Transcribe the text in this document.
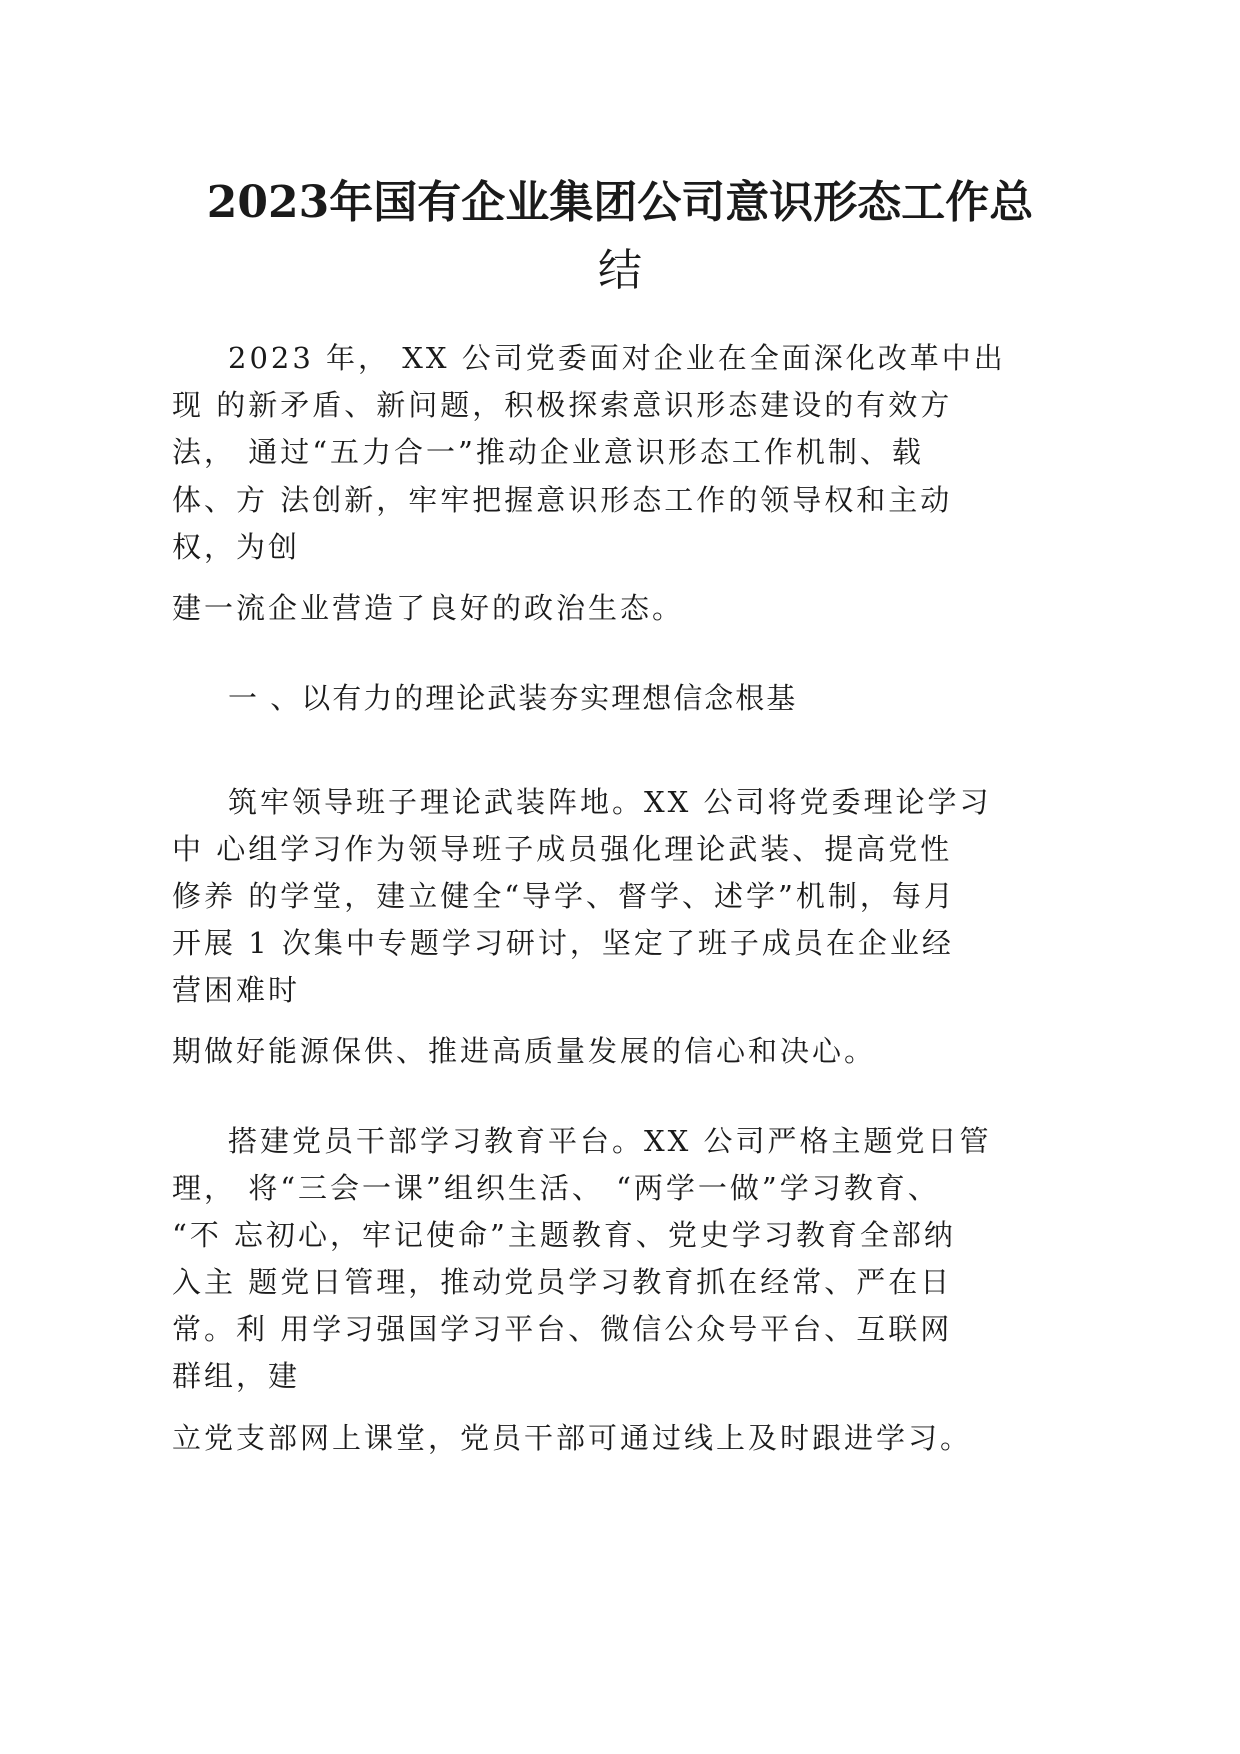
2023年国有企业集团公司意识形态工作总
结

2023 年， XX 公司党委面对企业在全面深化改革中出

现 的新矛盾、新问题，积极探索意识形态建设的有效方

法， 通过“五力合一”推动企业意识形态工作机制、载

体、方 法创新，牢牢把握意识形态工作的领导权和主动

权，为创

建一流企业营造了良好的政治生态。

一 、以有力的理论武装夯实理想信念根基

筑牢领导班子理论武装阵地。XX 公司将党委理论学习

中 心组学习作为领导班子成员强化理论武装、提高党性

修养 的学堂，建立健全“导学、督学、述学”机制，每月

开展 1 次集中专题学习研讨，坚定了班子成员在企业经

营困难时

期做好能源保供、推进高质量发展的信心和决心。

搭建党员干部学习教育平台。XX 公司严格主题党日管

理， 将“三会一课”组织生活、 “两学一做”学习教育、

“不 忘初心，牢记使命”主题教育、党史学习教育全部纳

入主 题党日管理，推动党员学习教育抓在经常、严在日

常。利 用学习强国学习平台、微信公众号平台、互联网

群组，建

立党支部网上课堂，党员干部可通过线上及时跟进学习。
